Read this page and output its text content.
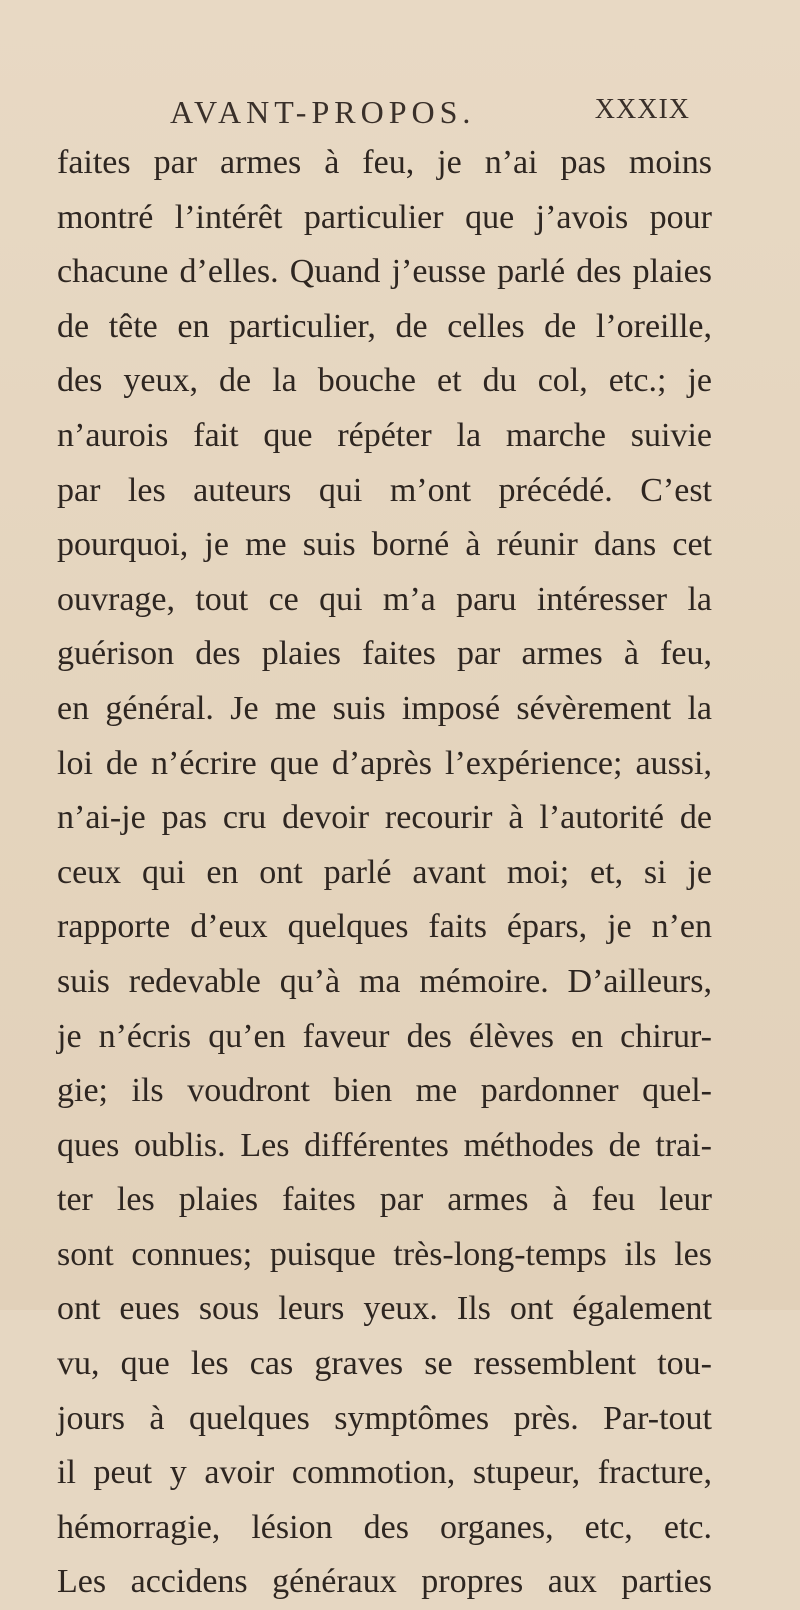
AVANT-PROPOS.	XXXIX
faites par armes à feu, je n’ai pas moins
montré l’intérêt particulier que j’avois pour
chacune d’elles. Quand j’eusse parlé des plaies
de tête en particulier, de celles de l’oreille,
des yeux, de la bouche et du col, etc.; je
n’aurois fait que répéter la marche suivie
par les auteurs qui m’ont précédé. C’est
pourquoi, je me suis borné à réunir dans cet
ouvrage, tout ce qui m’a paru intéresser la
guérison des plaies faites par armes à feu,
en général. Je me suis imposé sévèrement la
loi de n’écrire que d’après l’expérience; aussi,
n’ai-je pas cru devoir recourir à l’autorité de
ceux qui en ont parlé avant moi; et, si je
rapporte d’eux quelques faits épars, je n’en
suis redevable qu’à ma mémoire. D’ailleurs,
je n’écris qu’en faveur des élèves en chirur-
gie; ils voudront bien me pardonner quel-
ques oublis. Les différentes méthodes de trai-
ter les plaies faites par armes à feu leur
sont connues; puisque très-long-temps ils les
ont eues sous leurs yeux. Ils ont également
vu, que les cas graves se ressemblent tou-
jours à quelques symptômes près. Par-tout
il peut y avoir commotion, stupeur, fracture,
hémorragie, lésion des organes, etc, etc.
Les accidens généraux propres aux parties
